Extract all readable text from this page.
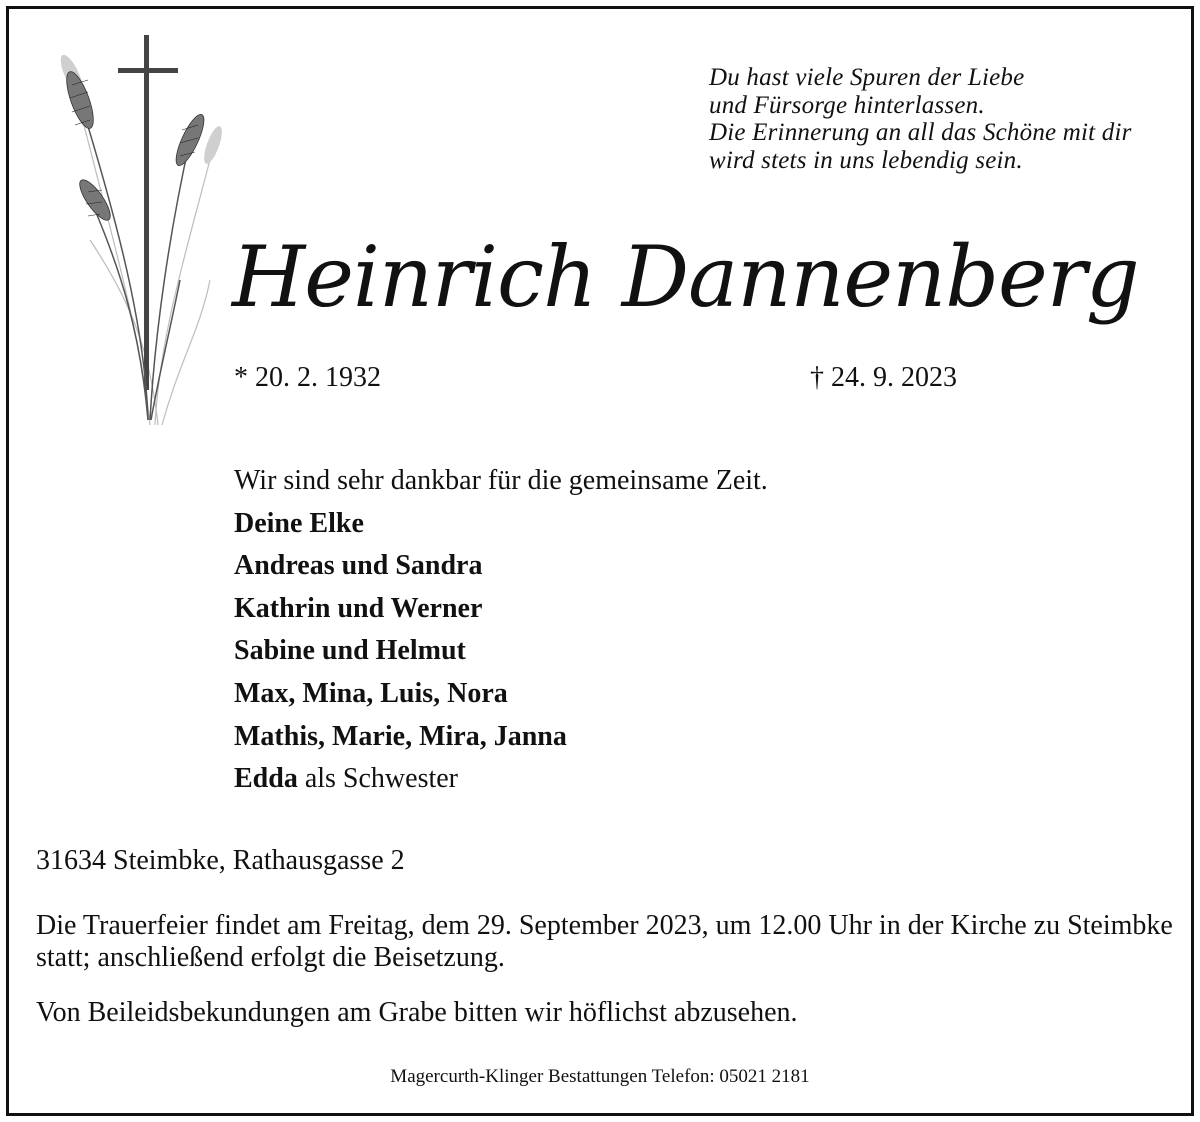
Du hast viele Spuren der Liebe
und Fürsorge hinterlassen.
Die Erinnerung an all das Schöne mit dir
wird stets in uns lebendig sein.
Heinrich Dannenberg
* 20. 2. 1932	† 24. 9. 2023
Wir sind sehr dankbar für die gemeinsame Zeit.
Deine Elke
Andreas und Sandra
Kathrin und Werner
Sabine und Helmut
Max, Mina, Luis, Nora
Mathis, Marie, Mira, Janna
Edda als Schwester
31634 Steimbke, Rathausgasse 2
Die Trauerfeier findet am Freitag, dem 29. September 2023, um 12.00 Uhr in der Kirche zu Steimbke statt; anschließend erfolgt die Beisetzung.
Von Beileidsbekundungen am Grabe bitten wir höflichst abzusehen.
Magercurth-Klinger Bestattungen Telefon: 05021 2181
